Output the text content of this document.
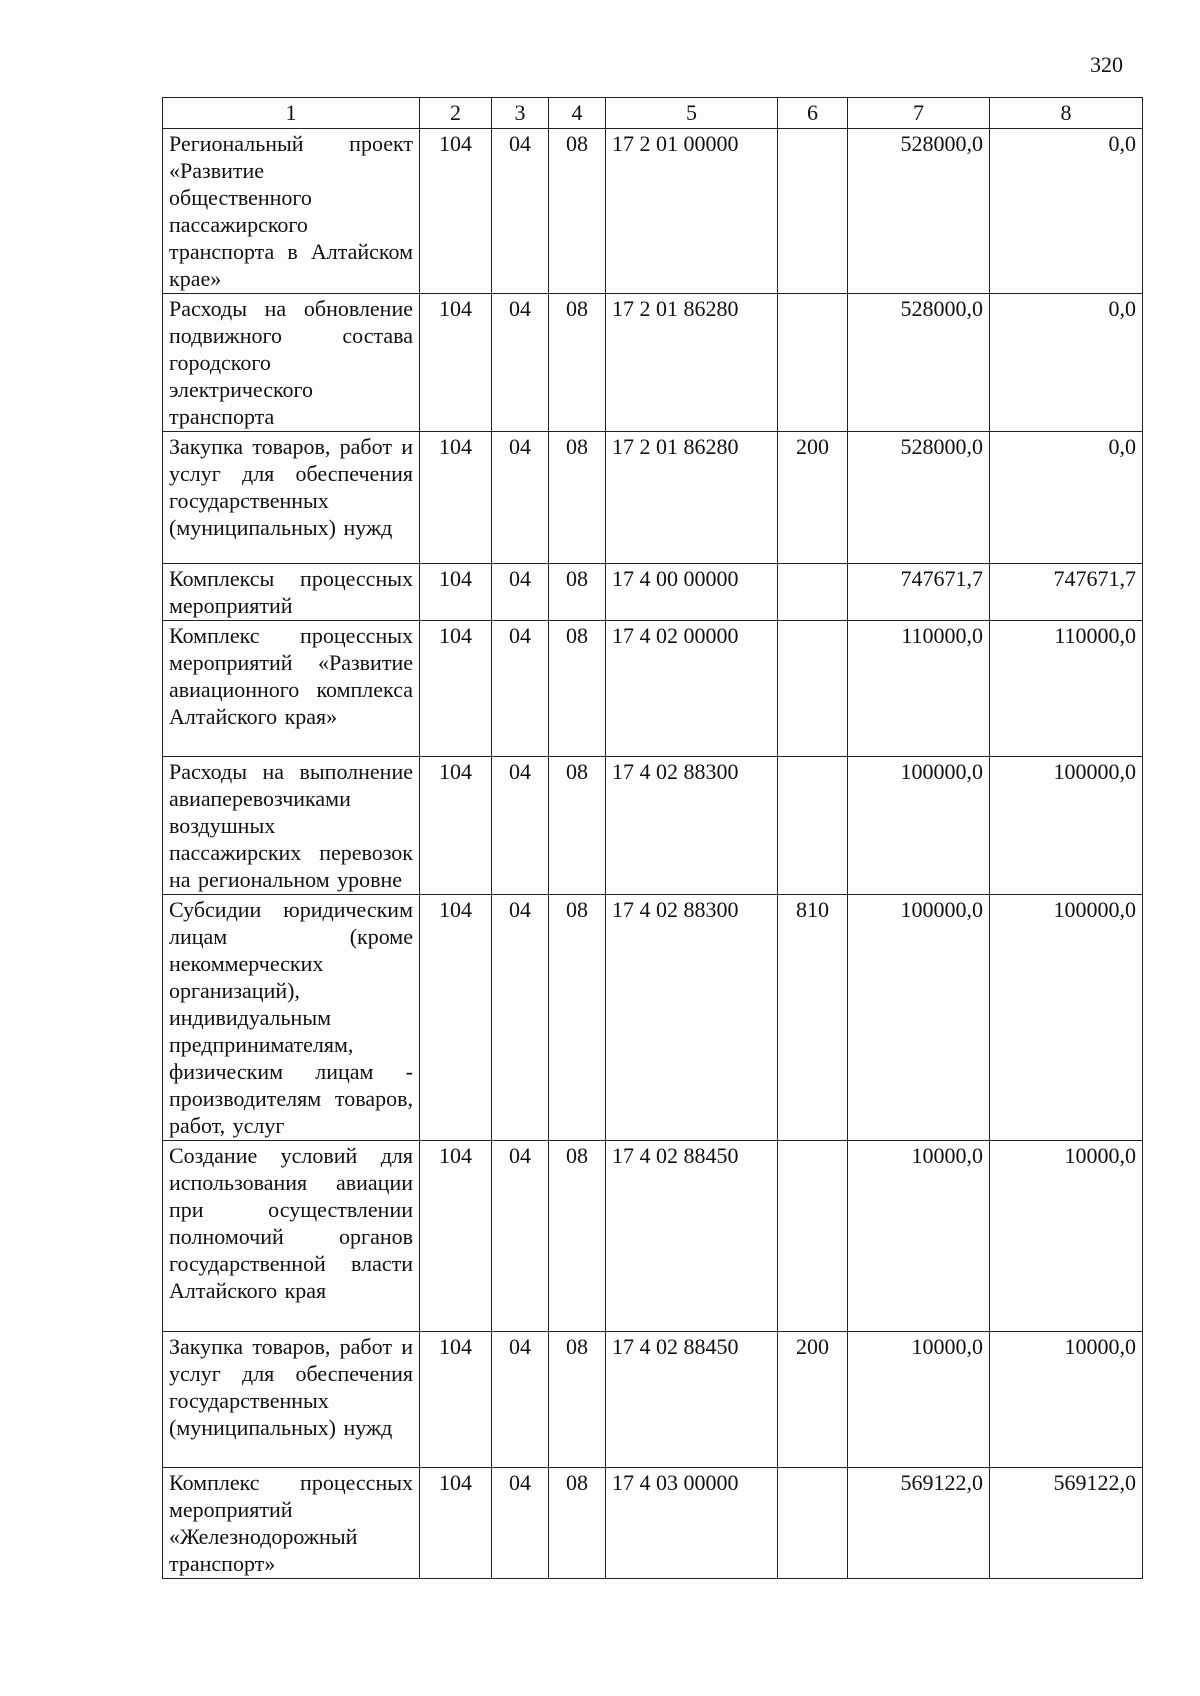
320
1	2	3	4	5	6	7	8
Региональный проект «Развитие общественного пассажирского транспорта в Алтайском крае»	104	04	08	17 2 01 00000		528000,0	0,0
Расходы на обновление подвижного состава городского электрического транспорта	104	04	08	17 2 01 86280		528000,0	0,0
Закупка товаров, работ и услуг для обеспечения государственных (муниципальных) нужд	104	04	08	17 2 01 86280	200	528000,0	0,0
Комплексы процессных мероприятий	104	04	08	17 4 00 00000		747671,7	747671,7
Комплекс процессных мероприятий «Развитие авиационного комплекса Алтайского края»	104	04	08	17 4 02 00000		110000,0	110000,0
Расходы на выполнение авиаперевозчиками воздушных пассажирских перевозок на региональном уровне	104	04	08	17 4 02 88300		100000,0	100000,0
Субсидии юридическим лицам (кроме некоммерческих организаций), индивидуальным предпринимателям, физическим лицам - производителям товаров, работ, услуг	104	04	08	17 4 02 88300	810	100000,0	100000,0
Создание условий для использования авиации при осуществлении полномочий органов государственной власти Алтайского края	104	04	08	17 4 02 88450		10000,0	10000,0
Закупка товаров, работ и услуг для обеспечения государственных (муниципальных) нужд	104	04	08	17 4 02 88450	200	10000,0	10000,0
Комплекс процессных мероприятий «Железнодорожный транспорт»	104	04	08	17 4 03 00000		569122,0	569122,0
